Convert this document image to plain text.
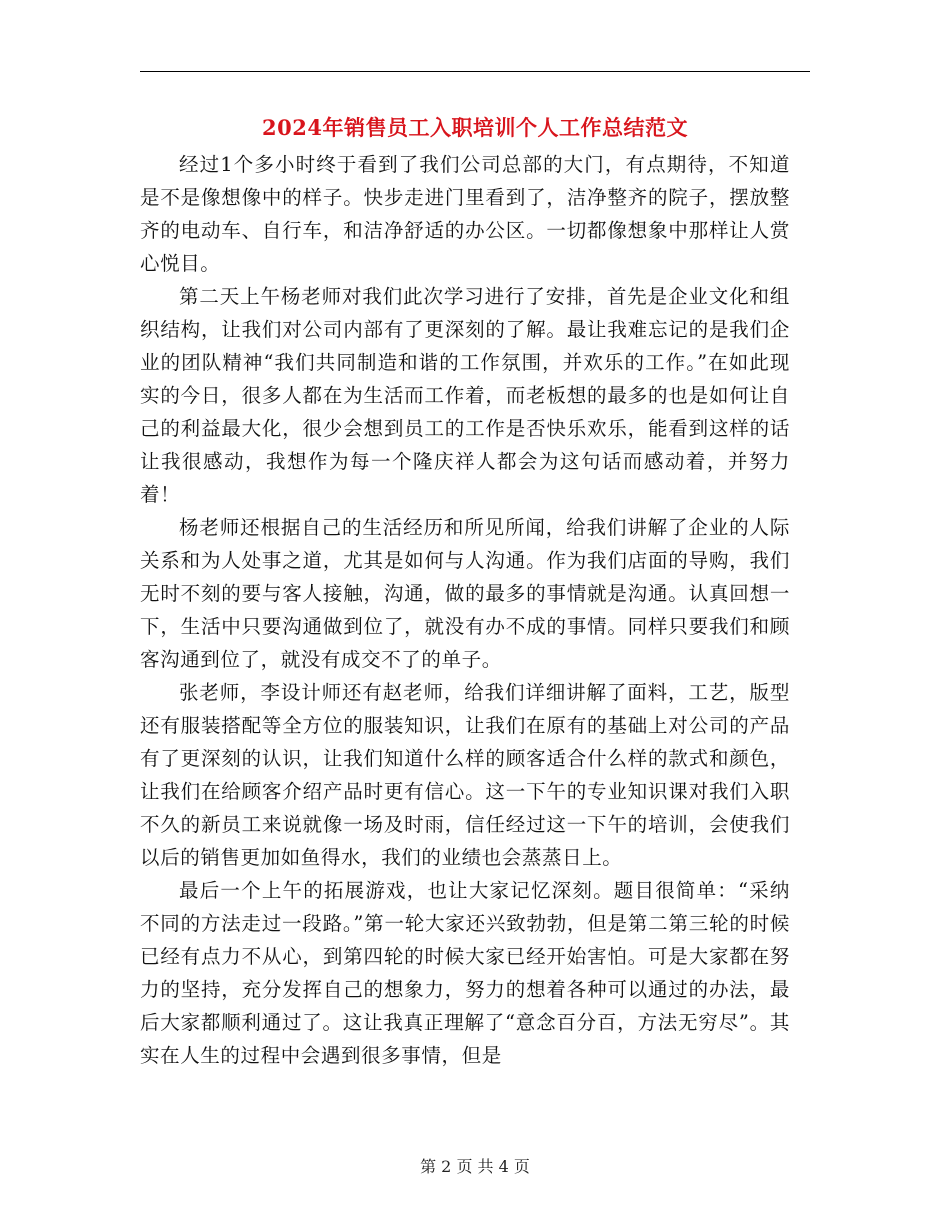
2024年销售员工入职培训个人工作总结范文

经过1个多小时终于看到了我们公司总部的大门，有点期待，不知道是不是像想像中的样子。快步走进门里看到了，洁净整齐的院子，摆放整齐的电动车、自行车，和洁净舒适的办公区。一切都像想象中那样让人赏心悦目。

第二天上午杨老师对我们此次学习进行了安排，首先是企业文化和组织结构，让我们对公司内部有了更深刻的了解。最让我难忘记的是我们企业的团队精神“我们共同制造和谐的工作氛围，并欢乐的工作。”在如此现实的今日，很多人都在为生活而工作着，而老板想的最多的也是如何让自己的利益最大化，很少会想到员工的工作是否快乐欢乐，能看到这样的话让我很感动，我想作为每一个隆庆祥人都会为这句话而感动着，并努力着！

杨老师还根据自己的生活经历和所见所闻，给我们讲解了企业的人际关系和为人处事之道，尤其是如何与人沟通。作为我们店面的导购，我们无时不刻的要与客人接触，沟通，做的最多的事情就是沟通。认真回想一下，生活中只要沟通做到位了，就没有办不成的事情。同样只要我们和顾客沟通到位了，就没有成交不了的单子。

张老师，李设计师还有赵老师，给我们详细讲解了面料，工艺，版型还有服装搭配等全方位的服装知识，让我们在原有的基础上对公司的产品有了更深刻的认识，让我们知道什么样的顾客适合什么样的款式和颜色，让我们在给顾客介绍产品时更有信心。这一下午的专业知识课对我们入职不久的新员工来说就像一场及时雨，信任经过这一下午的培训，会使我们以后的销售更加如鱼得水，我们的业绩也会蒸蒸日上。

最后一个上午的拓展游戏，也让大家记忆深刻。题目很简单：“采纳不同的方法走过一段路。”第一轮大家还兴致勃勃，但是第二第三轮的时候已经有点力不从心，到第四轮的时候大家已经开始害怕。可是大家都在努力的坚持，充分发挥自己的想象力，努力的想着各种可以通过的办法，最后大家都顺利通过了。这让我真正理解了“意念百分百，方法无穷尽”。其实在人生的过程中会遇到很多事情，但是

第 2 页 共 4 页
